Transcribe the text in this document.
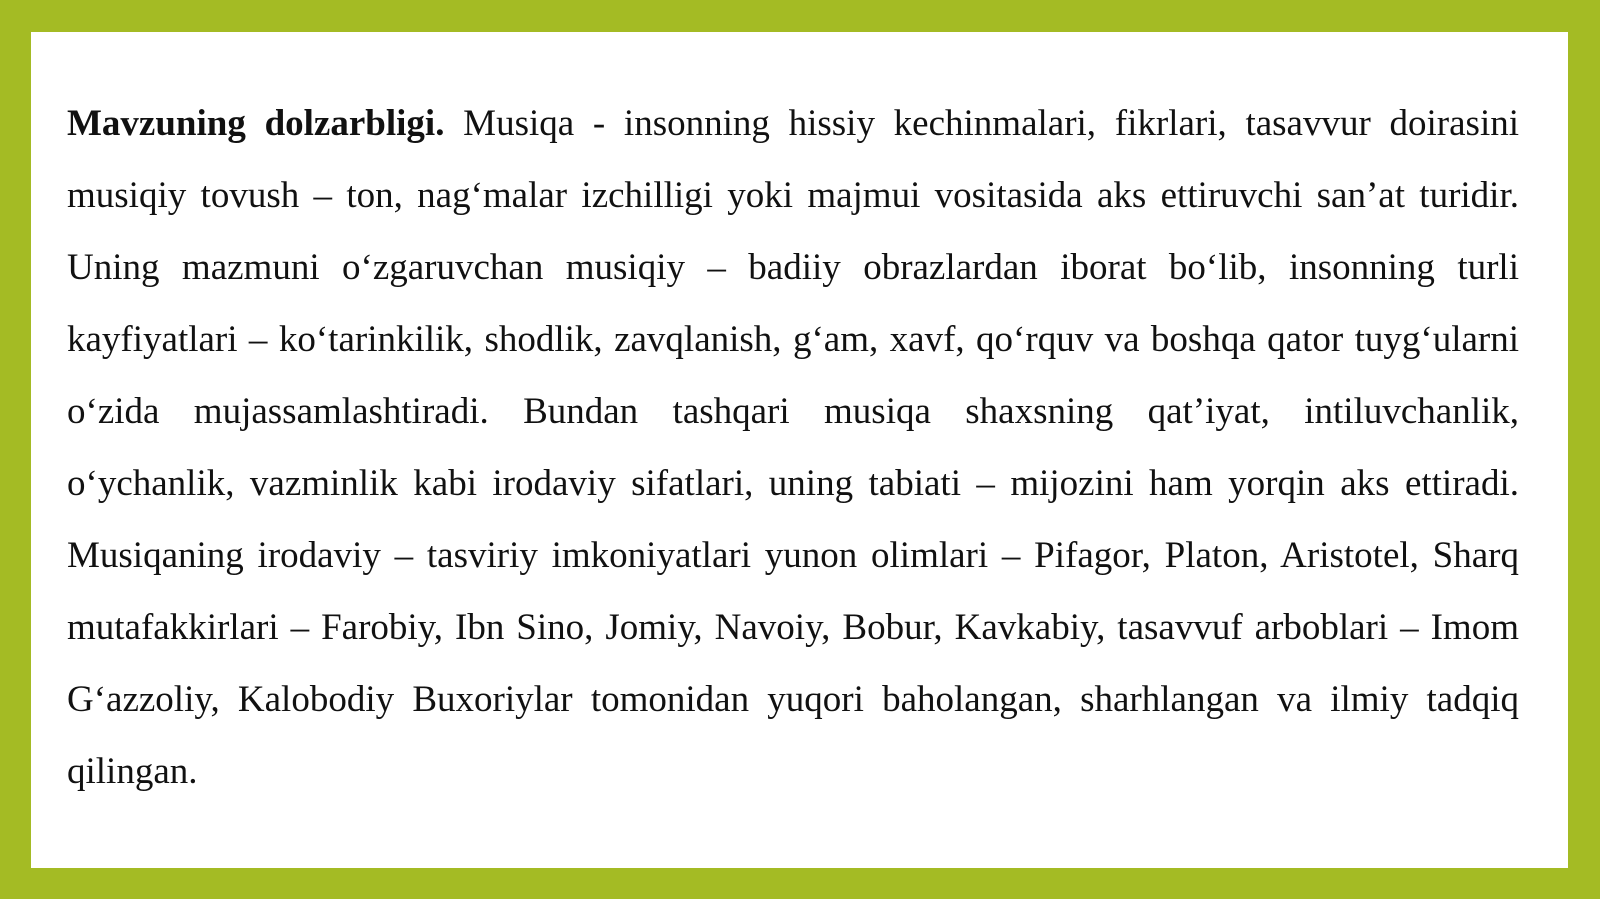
Mavzuning dolzarbligi. Musiqa - insonning hissiy kechinmalari, fikrlari, tasavvur doirasini musiqiy tovush – ton, nag‘malar izchilligi yoki majmui vositasida aks ettiruvchi san’at turidir. Uning mazmuni o‘zgaruvchan musiqiy – badiiy obrazlardan iborat bo‘lib, insonning turli kayfiyatlari – ko‘tarinkilik, shodlik, zavqlanish, g‘am, xavf, qo‘rquv va boshqa qator tuyg‘ularni o‘zida mujassamlashtiradi. Bundan tashqari musiqa shaxsning qat’iyat, intiluvchanlik, o‘ychanlik, vazminlik kabi irodaviy sifatlari, uning tabiati – mijozini ham yorqin aks ettiradi. Musiqaning irodaviy – tasviriy imkoniyatlari yunon olimlari – Pifagor, Platon, Aristotel, Sharq mutafakkirlari – Farobiy, Ibn Sino, Jomiy, Navoiy, Bobur, Kavkabiy, tasavvuf arboblari – Imom G‘azzoliy, Kalobodiy Buxoriylar tomonidan yuqori baholangan, sharhlangan va ilmiy tadqiq qilingan.
